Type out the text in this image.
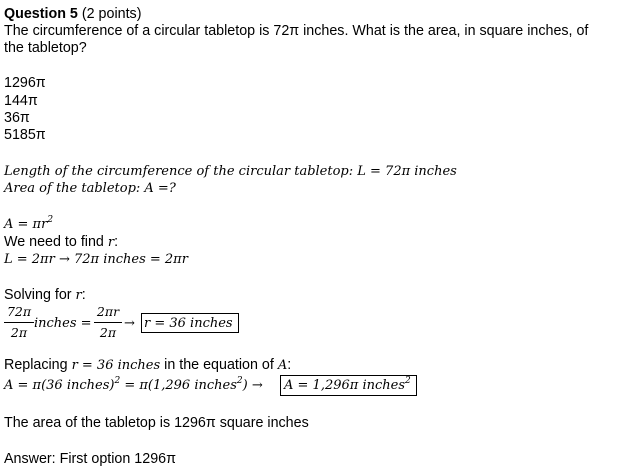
Question 5 (2 points)
The circumference of a circular tabletop is 72π inches. What is the area, in square inches, of
the tabletop?
1296π
144π
36π
5185π
Length of the circumference of the circular tabletop: L = 72π inches
Area of the tabletop: A =?
$A = \pi r^2$
We need to find r:
L = 2πr → 72π inches = 2πr
Solving for r:
72π
2π
inches =
2πr
2π
→ r = 36 inches
Replacing r = 36 inches in the equation of A:
A = π(36 inches)$^2$ = π(1,296 inches$^2$) → A = 1,296π inches$^2$
The area of the tabletop is 1296π square inches
Answer: First option 1296π
